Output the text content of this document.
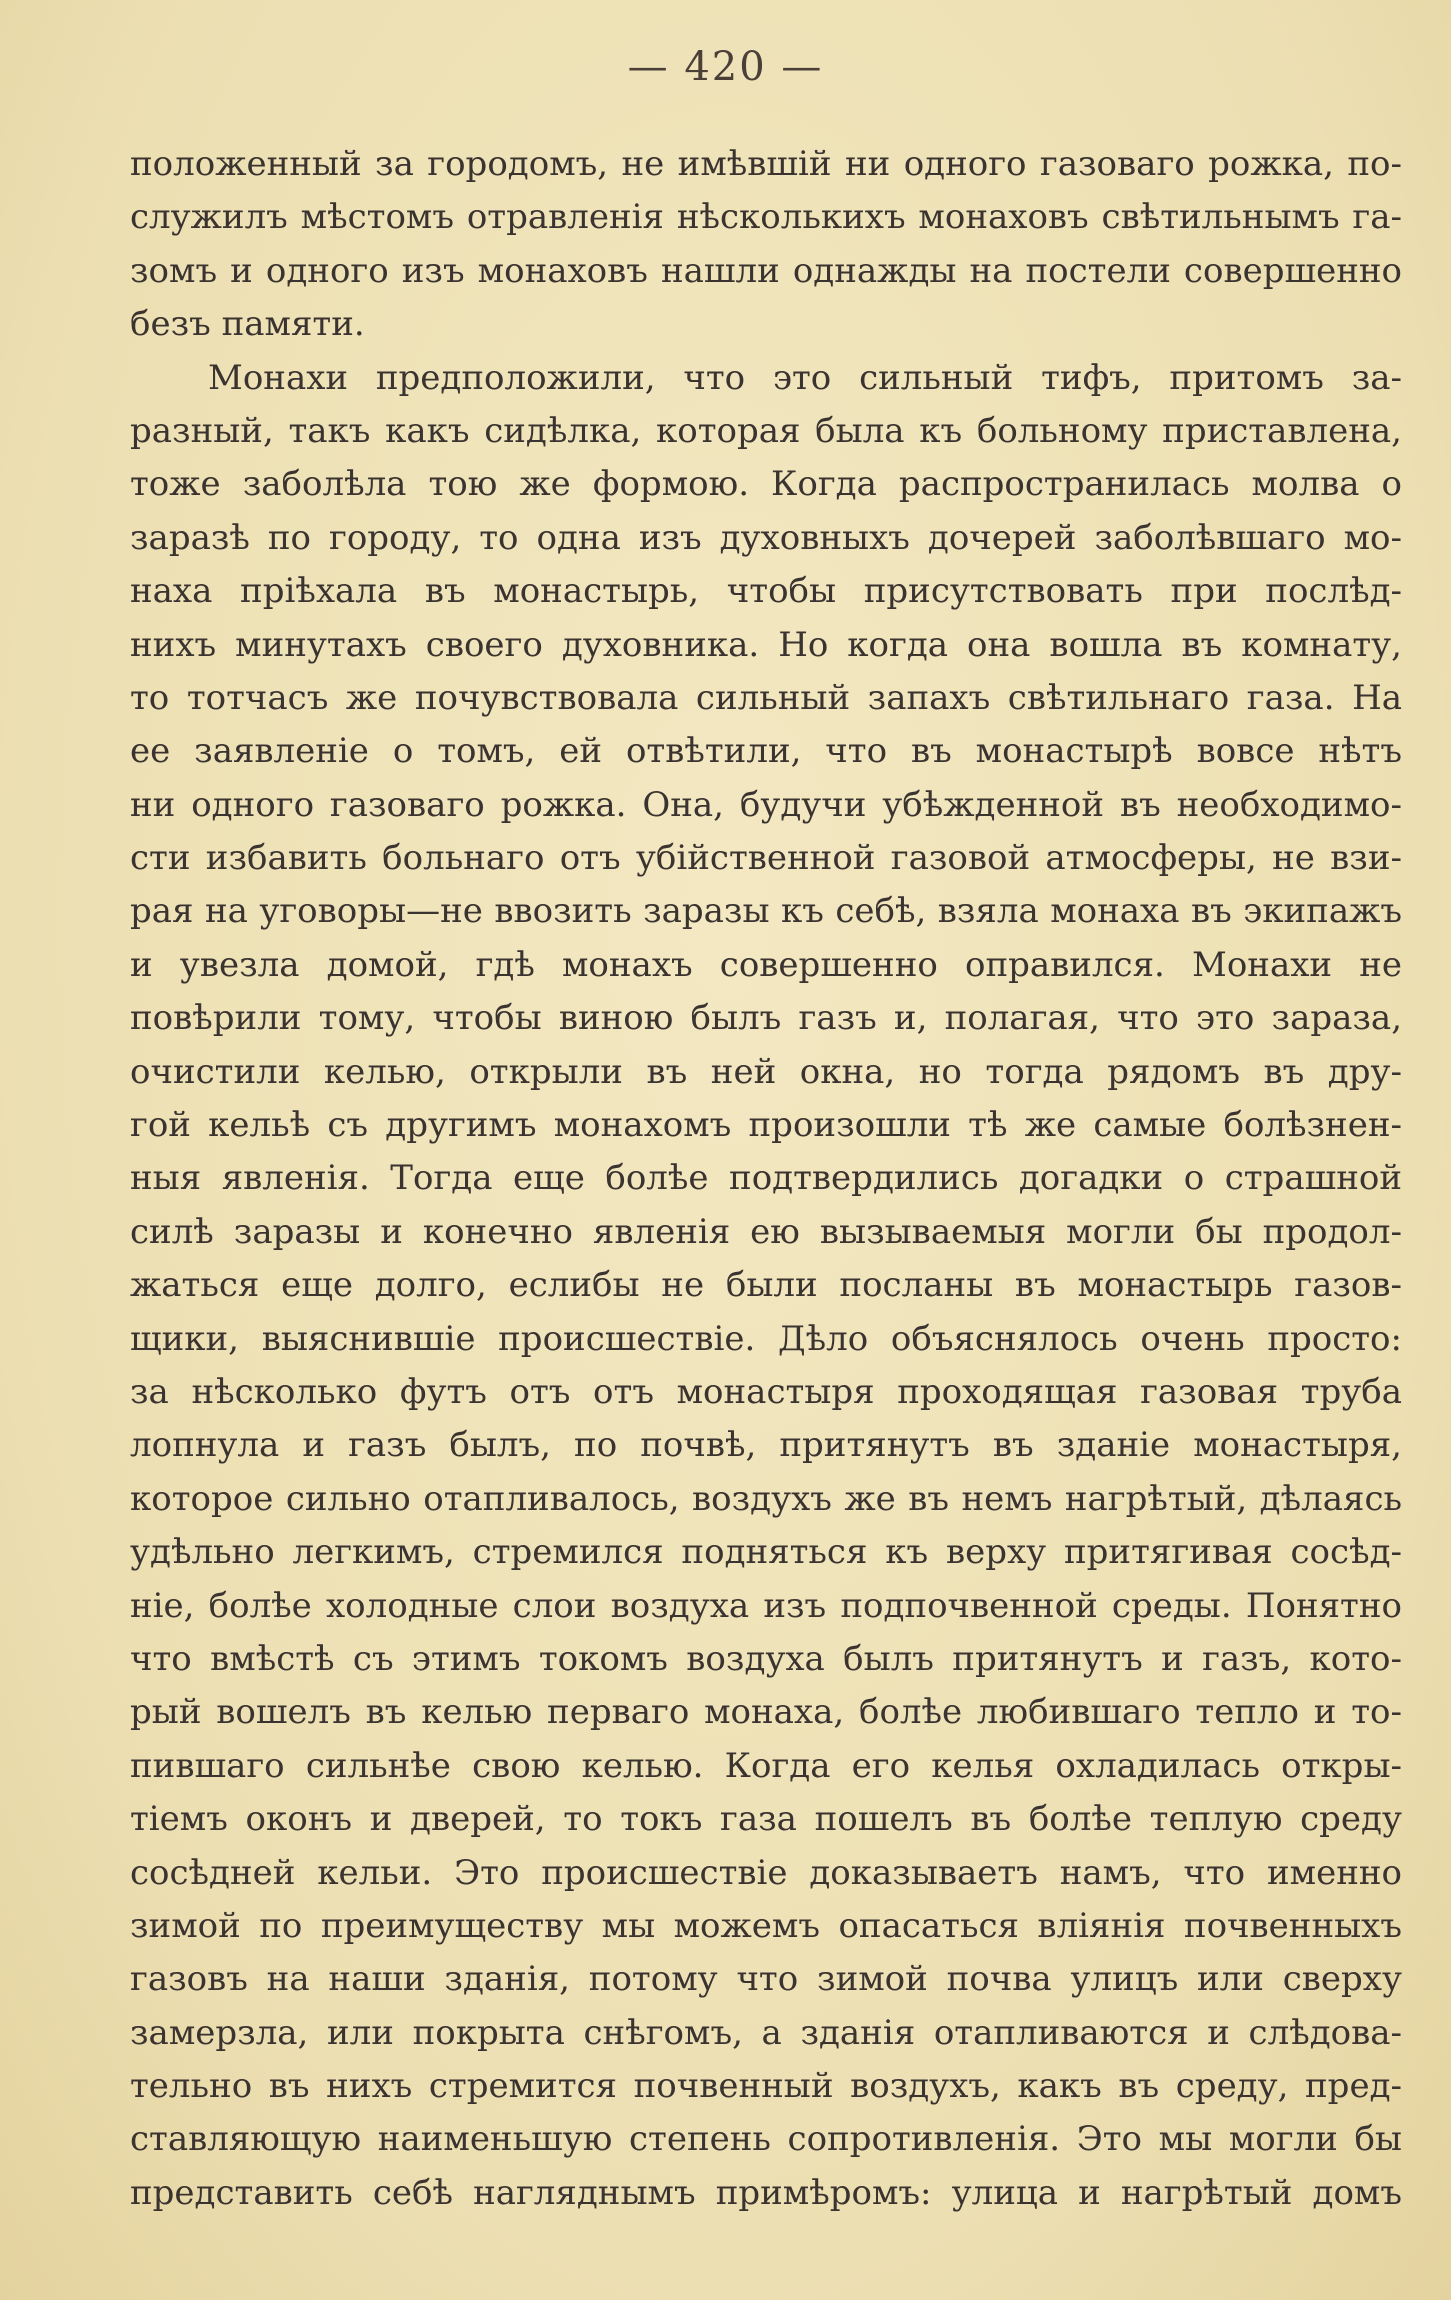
— 420 —
положенный за городомъ, не имѣвшій ни одного газоваго рожка, по-
служилъ мѣстомъ отравленія нѣсколькихъ монаховъ свѣтильнымъ га-
зомъ и одного изъ монаховъ нашли однажды на постели совершенно
безъ памяти.
Монахи предположили, что это сильный тифъ, притомъ за-
разный, такъ какъ сидѣлка, которая была къ больному приставлена,
тоже заболѣла тою же формою. Когда распространилась молва о
заразѣ по городу, то одна изъ духовныхъ дочерей заболѣвшаго мо-
наха пріѣхала въ монастырь, чтобы присутствовать при послѣд-
нихъ минутахъ своего духовника. Но когда она вошла въ комнату,
то тотчасъ же почувствовала сильный запахъ свѣтильнаго газа. На
ее заявленіе о томъ, ей отвѣтили, что въ монастырѣ вовсе нѣтъ
ни одного газоваго рожка. Она, будучи убѣжденной въ необходимо-
сти избавить больнаго отъ убійственной газовой атмосферы, не взи-
рая на уговоры—не ввозить заразы къ себѣ, взяла монаха въ экипажъ
и увезла домой, гдѣ монахъ совершенно оправился. Монахи не
повѣрили тому, чтобы виною былъ газъ и, полагая, что это зараза,
очистили келью, открыли въ ней окна, но тогда рядомъ въ дру-
гой кельѣ съ другимъ монахомъ произошли тѣ же самые болѣзнен-
ныя явленія. Тогда еще болѣе подтвердились догадки о страшной
силѣ заразы и конечно явленія ею вызываемыя могли бы продол-
жаться еще долго, еслибы не были посланы въ монастырь газов-
щики, выяснившіе происшествіе. Дѣло объяснялось очень просто:
за нѣсколько футъ отъ отъ монастыря проходящая газовая труба
лопнула и газъ былъ, по почвѣ, притянутъ въ зданіе монастыря,
которое сильно отапливалось, воздухъ же въ немъ нагрѣтый, дѣлаясь
удѣльно легкимъ, стремился подняться къ верху притягивая сосѣд-
ніе, болѣе холодные слои воздуха изъ подпочвенной среды. Понятно
что вмѣстѣ съ этимъ токомъ воздуха былъ притянутъ и газъ, кото-
рый вошелъ въ келью перваго монаха, болѣе любившаго тепло и то-
пившаго сильнѣе свою келью. Когда его келья охладилась откры-
тіемъ оконъ и дверей, то токъ газа пошелъ въ болѣе теплую среду
сосѣдней кельи. Это происшествіе доказываетъ намъ, что именно
зимой по преимуществу мы можемъ опасаться вліянія почвенныхъ
газовъ на наши зданія, потому что зимой почва улицъ или сверху
замерзла, или покрыта снѣгомъ, а зданія отапливаются и слѣдова-
тельно въ нихъ стремится почвенный воздухъ, какъ въ среду, пред-
ставляющую наименьшую степень сопротивленія. Это мы могли бы
представить себѣ нагляднымъ примѣромъ: улица и нагрѣтый домъ
